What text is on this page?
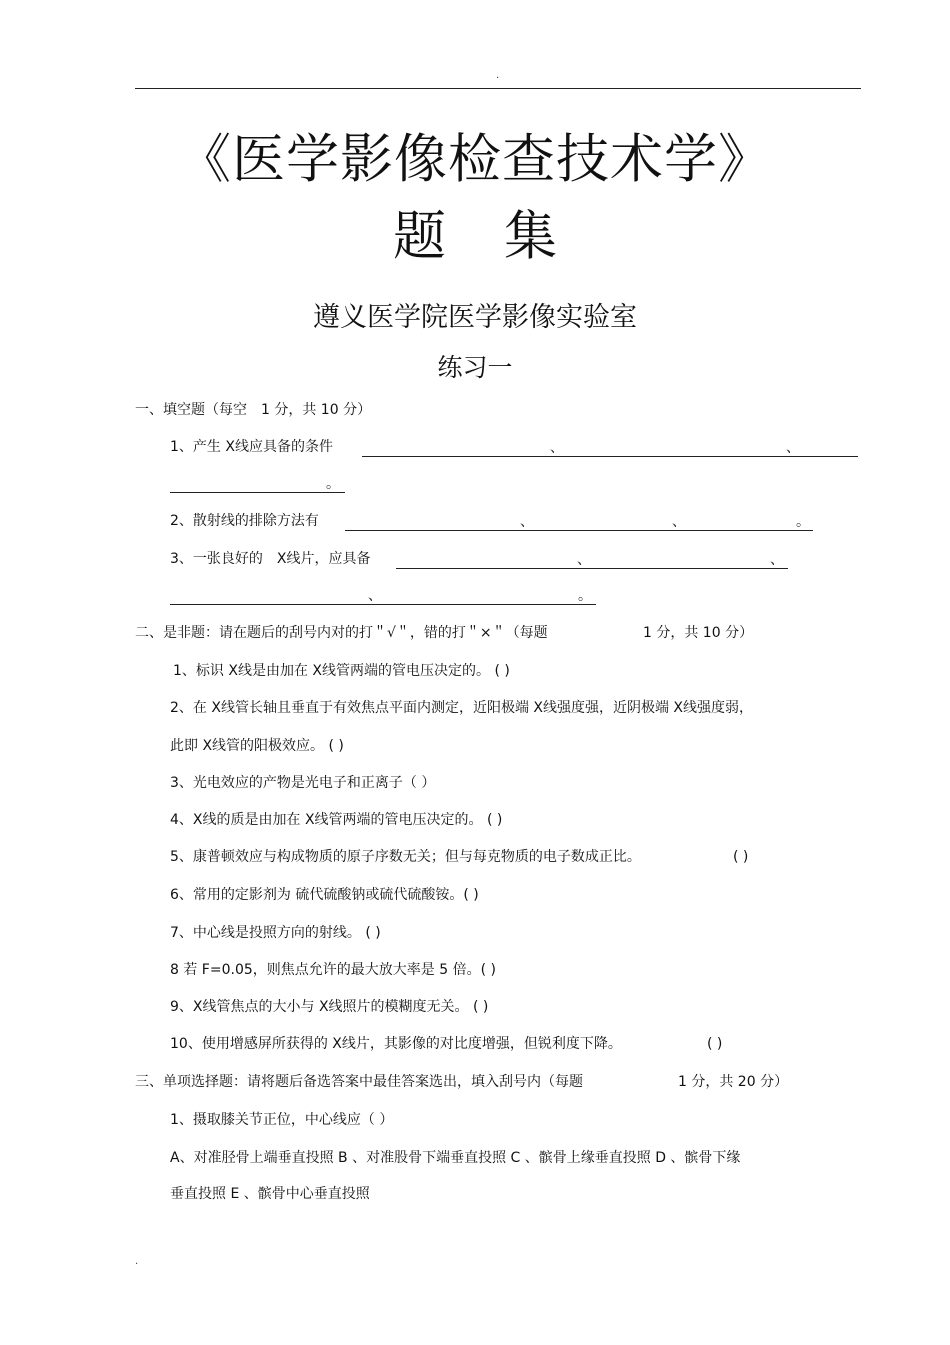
.
《医学影像检查技术学》
题 集
遵义医学院医学影像实验室
练习一
一、填空题（每空　1 分，共 10 分）
1、产生 X线应具备的条件	、	、
。
2、散射线的排除方法有	、	、	。
3、一张良好的　X线片，应具备	、	、
、	。
二、是非题：请在题后的刮号内对的打＂√＂，错的打＂×＂（每题	1 分，共 10 分）
1、标识 X线是由加在 X线管两端的管电压决定的。 ( )
2、在 X线管长轴且垂直于有效焦点平面内测定，近阳极端 X线强度强，近阴极端 X线强度弱，
此即 X线管的阳极效应。 ( )
3、光电效应的产物是光电子和正离子（ ）
4、X线的质是由加在 X线管两端的管电压决定的。 ( )
5、康普顿效应与构成物质的原子序数无关；但与每克物质的电子数成正比。	( )
6、常用的定影剂为 硫代硫酸钠或硫代硫酸铵。( )
7、中心线是投照方向的射线。 ( )
8 若 F=0.05，则焦点允许的最大放大率是 5 倍。( )
9、X线管焦点的大小与 X线照片的模糊度无关。 ( )
10、使用增感屏所获得的 X线片，其影像的对比度增强，但锐利度下降。	( )
三、单项选择题：请将题后备选答案中最佳答案选出，填入刮号内（每题	1 分，共 20 分）
1、摄取膝关节正位，中心线应（ ）
A、对准胫骨上端垂直投照 B 、对准股骨下端垂直投照 C 、髌骨上缘垂直投照 D 、髌骨下缘
垂直投照 E 、髌骨中心垂直投照
.
